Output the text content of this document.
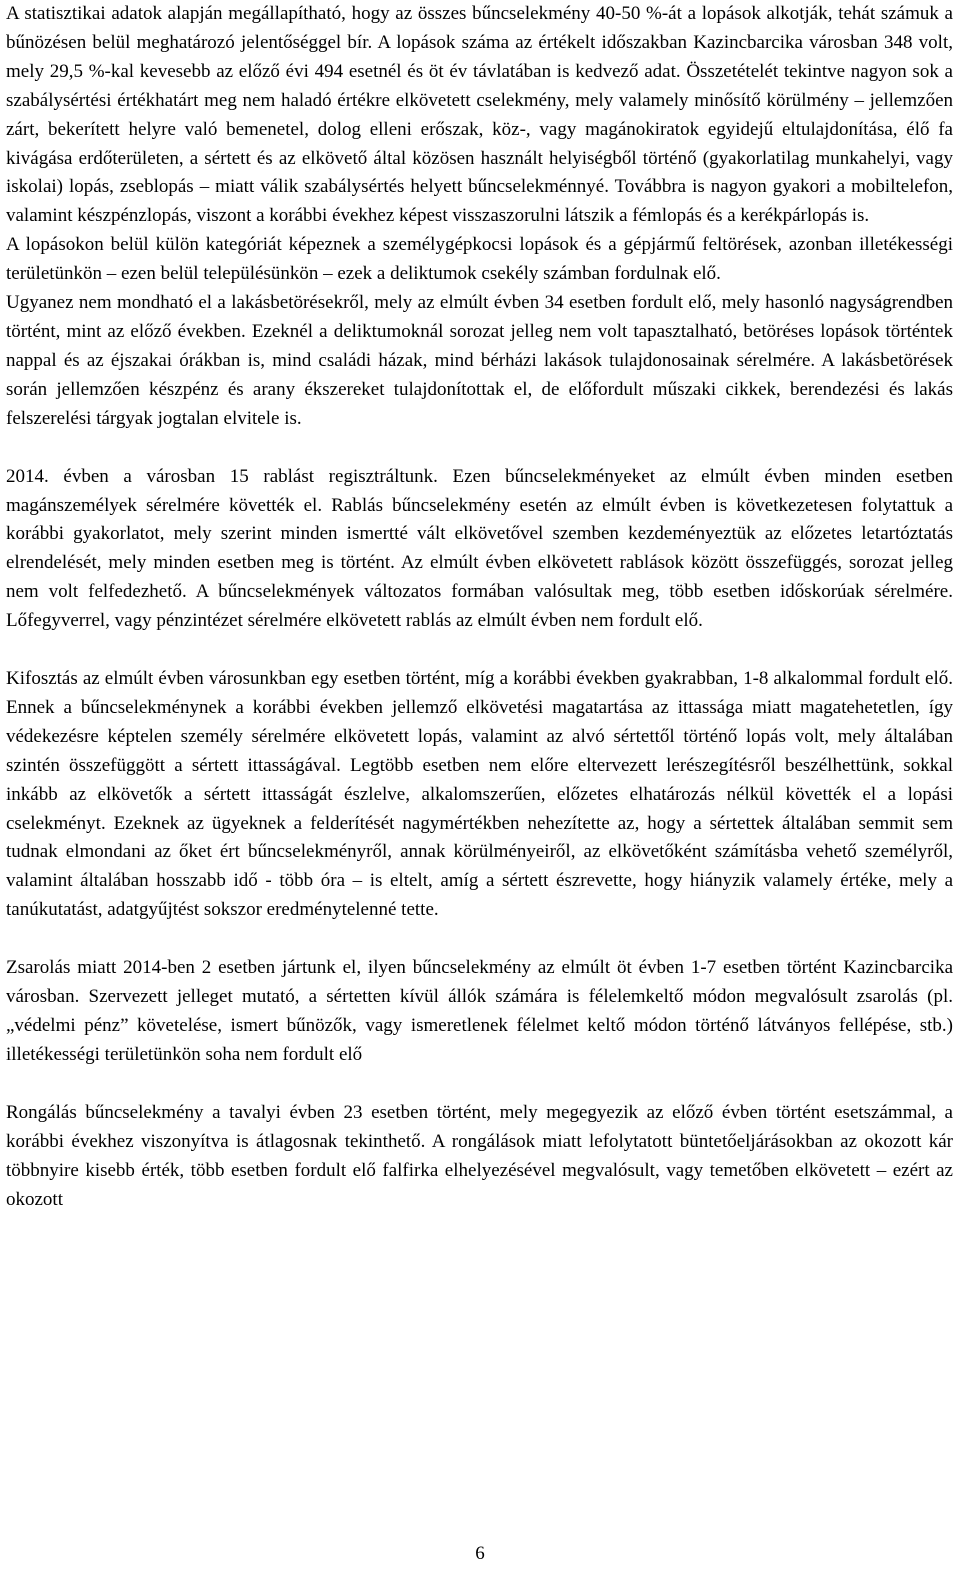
A statisztikai adatok alapján megállapítható, hogy az összes bűncselekmény 40-50 %-át a lopások alkotják, tehát számuk a bűnözésen belül meghatározó jelentőséggel bír. A lopások száma az értékelt időszakban Kazincbarcika városban 348 volt, mely 29,5 %-kal kevesebb az előző évi 494 esetnél és öt év távlatában is kedvező adat. Összetételét tekintve nagyon sok a szabálysértési értékhatárt meg nem haladó értékre elkövetett cselekmény, mely valamely minősítő körülmény – jellemzően zárt, bekerített helyre való bemenetel, dolog elleni erőszak, köz-, vagy magánokiratok egyidejű eltulajdonítása, élő fa kivágása erdőterületen, a sértett és az elkövető által közösen használt helyiségből történő (gyakorlatilag munkahelyi, vagy iskolai) lopás, zseblopás – miatt válik szabálysértés helyett bűncselekménnyé. Továbbra is nagyon gyakori a mobiltelefon, valamint készpénzlopás, viszont a korábbi évekhez képest visszaszorulni látszik a fémlopás és a kerékpárlopás is.

A lopásokon belül külön kategóriát képeznek a személygépkocsi lopások és a gépjármű feltörések, azonban illetékességi területünkön – ezen belül településünkön – ezek a deliktumok csekély számban fordulnak elő.

Ugyanez nem mondható el a lakásbetörésekről, mely az elmúlt évben 34 esetben fordult elő, mely hasonló nagyságrendben történt, mint az előző években. Ezeknél a deliktumoknál sorozat jelleg nem volt tapasztalható, betöréses lopások történtek nappal és az éjszakai órákban is, mind családi házak, mind bérházi lakások tulajdonosainak sérelmére. A lakásbetörések során jellemzően készpénz és arany ékszereket tulajdonítottak el, de előfordult műszaki cikkek, berendezési és lakás felszerelési tárgyak jogtalan elvitele is.

2014. évben a városban 15 rablást regisztráltunk. Ezen bűncselekményeket az elmúlt évben minden esetben magánszemélyek sérelmére követték el. Rablás bűncselekmény esetén az elmúlt évben is következetesen folytattuk a korábbi gyakorlatot, mely szerint minden ismertté vált elkövetővel szemben kezdeményeztük az előzetes letartóztatás elrendelését, mely minden esetben meg is történt. Az elmúlt évben elkövetett rablások között összefüggés, sorozat jelleg nem volt felfedezhető. A bűncselekmények változatos formában valósultak meg, több esetben időskorúak sérelmére. Lőfegyverrel, vagy pénzintézet sérelmére elkövetett rablás az elmúlt évben nem fordult elő.

Kifosztás az elmúlt évben városunkban egy esetben történt, míg a korábbi években gyakrabban, 1-8 alkalommal fordult elő. Ennek a bűncselekménynek a korábbi években jellemző elkövetési magatartása az ittassága miatt magatehetetlen, így védekezésre képtelen személy sérelmére elkövetett lopás, valamint az alvó sértettől történő lopás volt, mely általában szintén összefüggött a sértett ittasságával. Legtöbb esetben nem előre eltervezett lerészegítésről beszélhettünk, sokkal inkább az elkövetők a sértett ittasságát észlelve, alkalomszerűen, előzetes elhatározás nélkül követték el a lopási cselekményt. Ezeknek az ügyeknek a felderítését nagymértékben nehezítette az, hogy a sértettek általában semmit sem tudnak elmondani az őket ért bűncselekményről, annak körülményeiről, az elkövetőként számításba vehető személyről, valamint általában hosszabb idő - több óra – is eltelt, amíg a sértett észrevette, hogy hiányzik valamely értéke, mely a tanúkutatást, adatgyűjtést sokszor eredménytelenné tette.

Zsarolás miatt 2014-ben 2 esetben jártunk el, ilyen bűncselekmény az elmúlt öt évben 1-7 esetben történt Kazincbarcika városban. Szervezett jelleget mutató, a sértetten kívül állók számára is félelemkeltő módon megvalósult zsarolás (pl. „védelmi pénz” követelése, ismert bűnözők, vagy ismeretlenek félelmet keltő módon történő látványos fellépése, stb.) illetékességi területünkön soha nem fordult elő

Rongálás bűncselekmény a tavalyi évben 23 esetben történt, mely megegyezik az előző évben történt esetszámmal, a korábbi évekhez viszonyítva is átlagosnak tekinthető. A rongálások miatt lefolytatott büntetőeljárásokban az okozott kár többnyire kisebb érték, több esetben fordult elő falfirka elhelyezésével megvalósult, vagy temetőben elkövetett – ezért az okozott

6
